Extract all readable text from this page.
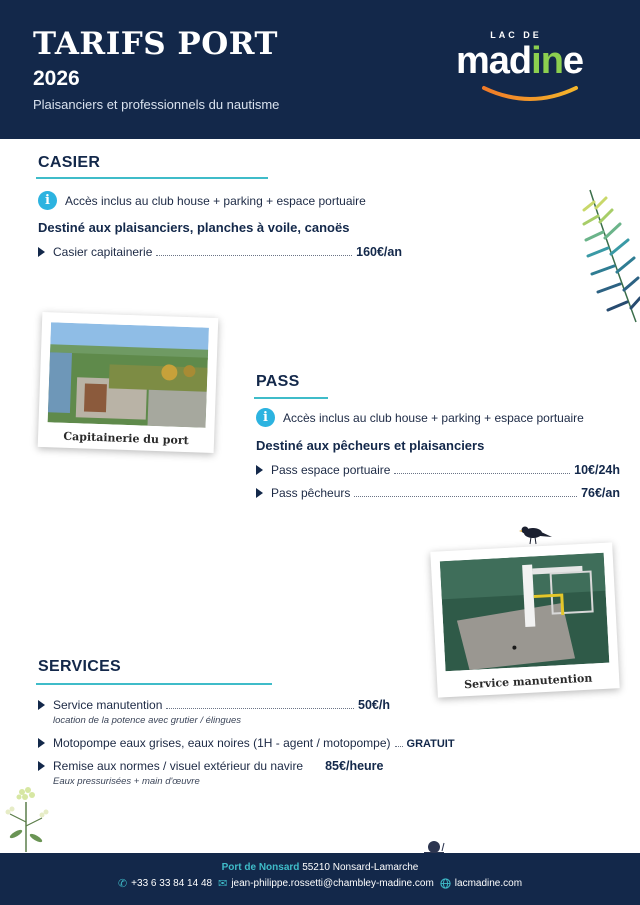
TARIFS PORT
2026
Plaisanciers et professionnels du nautisme
LAC DE
madine
CASIER
i	Accès inclus au club house + parking + espace portuaire
Destiné aux plaisanciers, planches à voile, canoës
Casier capitainerie	160€/an
Capitainerie du port
PASS
i	Accès inclus au club house + parking + espace portuaire
Destiné aux pêcheurs et plaisanciers
Pass espace portuaire	10€/24h
Pass pêcheurs	76€/an
Service manutention
SERVICES
Service manutention	50€/h
location de la potence avec grutier / élingues
Motopompe eaux grises, eaux noires (1H - agent / motopompe) GRATUIT
Remise aux normes / visuel extérieur du navire 85€/heure
Eaux pressurisées + main d'œuvre
Port de Nonsard 55210 Nonsard-Lamarche
✆ +33 6 33 84 14 48 ✉ jean-philippe.rossetti@chambley-madine.com lacmadine.com
